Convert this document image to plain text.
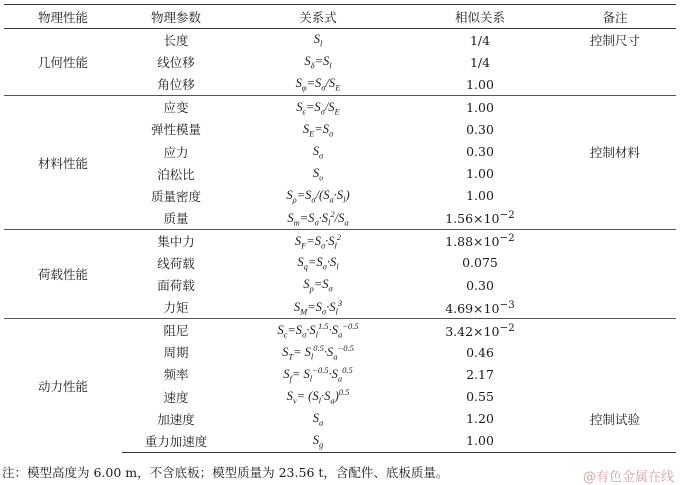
物理性能	物理参数	关系式	相似关系	备注
几何性能	长度	$S_l$	1/4	控制尺寸
	线位移	$S_\delta=S_l$	1/4	
	角位移	$S_\varphi=S_\sigma/S_E$	1.00	
材料性能	应变	$S_\varepsilon=S_\sigma/S_E$	1.00	
	弹性模量	$S_E=S_\sigma$	0.30	
	应力	$S_\sigma$	0.30	控制材料
	泊松比	$S_\upsilon$	1.00	
	质量密度	$S_\rho=S_\sigma/(S_a\cdot S_l)$	1.00	
	质量	$S_m=S_\sigma\cdot S_l^2/S_a$	$1.56\times 10^{-2}$	
荷载性能	集中力	$S_F=S_\sigma\cdot S_l^2$	$1.88\times 10^{-2}$	
	线荷载	$S_q=S_\sigma\cdot S_l$	0.075	
	面荷载	$S_p=S_\sigma$	0.30	
	力矩	$S_M=S_\sigma\cdot S_l^3$	$4.69\times 10^{-3}$	
动力性能	阻尼	$S_c=S_\sigma\cdot S_l^{1.5}\cdot S_a^{-0.5}$	$3.42\times 10^{-2}$	
	周期	$S_T= S_l^{0.5}\cdot S_a^{-0.5}$	0.46	
	频率	$S_f= S_l^{-0.5}\cdot S_a^{0.5}$	2.17	
	速度	$S_v= (S_l\cdot S_a)^{0.5}$	0.55	
	加速度	$S_a$	1.20	控制试验
	重力加速度	$S_g$	1.00	
注：模型高度为 6.00 m，不含底板；模型质量为 23.56 t，含配件、底板质量。	@有色金属在线
